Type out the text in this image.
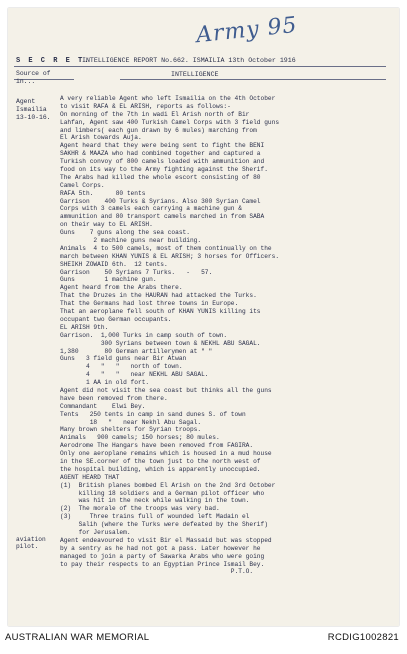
Army 95
S E C R E T.
INTELLIGENCE REPORT No.662. ISMAILIA 13th October 1916
INTELLIGENCE
Source of
in...
Agent
Ismailia
13-10-16.
aviation
pilot.
A very reliable Agent who left Ismailia on the 4th October
to visit RAFA & EL ARISH, reports as follows:-
On morning of the 7th in wadi El Arish north of Bir
Lahfan, Agent saw 400 Turkish Camel Corps with 3 field guns
and limbers( each gun drawn by 6 mules) marching from
El Arish towards Auja.
Agent heard that they were being sent to fight the BENI
SAKHR & MAAZA who had combined together and captured a
Turkish convoy of 800 camels loaded with ammunition and
food on its way to the Army fighting against the Sherif.
The Arabs had killed the whole escort consisting of 80
Camel Corps.
RAFA 5th.      80 tents
Garrison    400 Turks & Syrians. Also 300 Syrian Camel
Corps with 3 camels each carrying a machine gun &
ammunition and 80 transport camels marched in from SABA
on their way to EL ARISH.
Guns    7 guns along the sea coast.
2 machine guns near building.
Animals  4 to 500 camels, most of them continually on the
march between KHAN YUNIS & EL ARISH; 3 horses for Officers.
SHEIKH ZOWAID 6th.  12 tents.
Garrison    50 Syrians 7 Turks.   -   57.
Guns        1 machine gun.
Agent heard from the Arabs there.
That the Druzes in the HAURAN had attacked the Turks.
That the Germans had lost three towns in Europe.
That an aeroplane fell south of KHAN YUNIS killing its
occupant two German occupants.
EL ARISH 9th.
Garrison.  1,000 Turks in camp south of town.
300 Syrians between town & NEKHL ABU SAGAL.
1,380       80 German artillerymen at " "
Guns   3 field guns near Bir Atwan
4   "   "   north of town.
4   "   "   near NEKHL ABU SAGAL.
1 AA in old fort.
Agent did not visit the sea coast but thinks all the guns
have been removed from there.
Commandant    Elwi Bey.
Tents   250 tents in camp in sand dunes S. of town
18   "   near Nekhl Abu Sagal.
Many brown shelters for Syrian troops.
Animals   900 camels; 150 horses; 80 mules.
Aerodrome The Hangars have been removed from FAGIRA.
Only one aeroplane remains which is housed in a mud house
in the SE.corner of the town just to the north west of
the hospital building, which is apparently unoccupied.
AGENT HEARD THAT
(1)  British planes bombed El Arish on the 2nd 3rd October
killing 18 soldiers and a German pilot officer who
was hit in the neck while walking in the town.
(2)  The morale of the troops was very bad.
(3)     Three trains full of wounded left Madain el
Salih (where the Turks were defeated by the Sherif)
for Jerusalem.
Agent endeavoured to visit Bir el Massaid but was stopped
by a sentry as he had not got a pass. Later however he
managed to join a party of Sawarka Arabs who were going
to pay their respects to an Egyptian Prince Ismail Bey.
P.T.O.
AUSTRALIAN WAR MEMORIAL	RCDIG1002821
